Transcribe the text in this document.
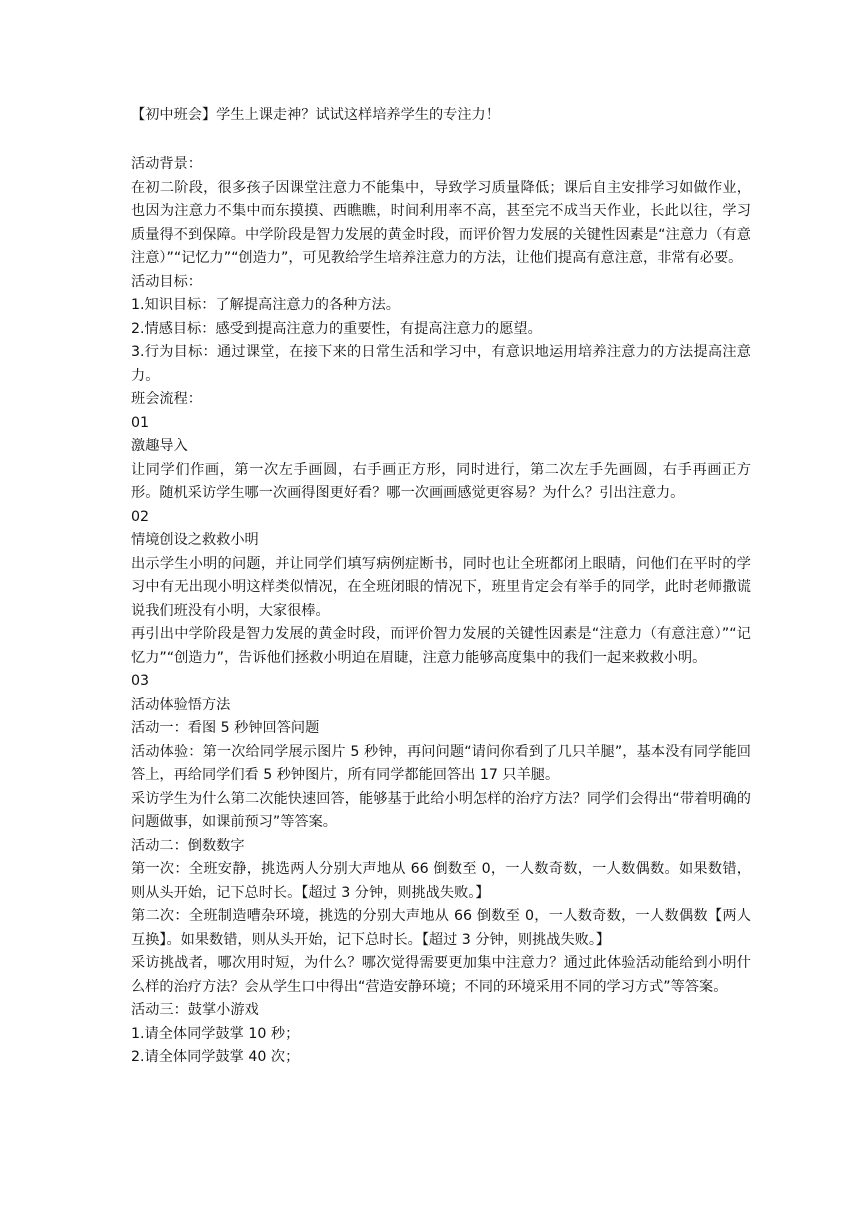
【初中班会】学生上课走神？试试这样培养学生的专注力！
活动背景：
在初二阶段，很多孩子因课堂注意力不能集中，导致学习质量降低；课后自主安排学习如做作业，也因为注意力不集中而东摸摸、西瞧瞧，时间利用率不高，甚至完不成当天作业，长此以往，学习质量得不到保障。中学阶段是智力发展的黄金时段，而评价智力发展的关键性因素是“注意力（有意注意）”“记忆力”“创造力”，可见教给学生培养注意力的方法，让他们提高有意注意，非常有必要。
活动目标：
1.知识目标：了解提高注意力的各种方法。
2.情感目标：感受到提高注意力的重要性，有提高注意力的愿望。
3.行为目标：通过课堂，在接下来的日常生活和学习中，有意识地运用培养注意力的方法提高注意力。
班会流程：
01
激趣导入
让同学们作画，第一次左手画圆，右手画正方形，同时进行，第二次左手先画圆，右手再画正方形。随机采访学生哪一次画得图更好看？哪一次画画感觉更容易？为什么？引出注意力。
02
情境创设之救救小明
出示学生小明的问题，并让同学们填写病例症断书，同时也让全班都闭上眼睛，问他们在平时的学习中有无出现小明这样类似情况，在全班闭眼的情况下，班里肯定会有举手的同学，此时老师撒谎说我们班没有小明，大家很棒。
再引出中学阶段是智力发展的黄金时段，而评价智力发展的关键性因素是“注意力（有意注意）”“记忆力”“创造力”，告诉他们拯救小明迫在眉睫，注意力能够高度集中的我们一起来救救小明。
03
活动体验悟方法
活动一：看图 5 秒钟回答问题
活动体验：第一次给同学展示图片 5 秒钟，再问问题“请问你看到了几只羊腿”，基本没有同学能回答上，再给同学们看 5 秒钟图片，所有同学都能回答出 17 只羊腿。
采访学生为什么第二次能快速回答，能够基于此给小明怎样的治疗方法？同学们会得出“带着明确的问题做事，如课前预习”等答案。
活动二：倒数数字
第一次：全班安静，挑选两人分别大声地从 66 倒数至 0，一人数奇数，一人数偶数。如果数错，则从头开始，记下总时长。【超过 3 分钟，则挑战失败。】
第二次：全班制造嘈杂环境，挑选的分别大声地从 66 倒数至 0，一人数奇数，一人数偶数【两人互换】。如果数错，则从头开始，记下总时长。【超过 3 分钟，则挑战失败。】
采访挑战者，哪次用时短，为什么？哪次觉得需要更加集中注意力？通过此体验活动能给到小明什么样的治疗方法？会从学生口中得出“营造安静环境；不同的环境采用不同的学习方式”等答案。
活动三：鼓掌小游戏
1.请全体同学鼓掌 10 秒；
2.请全体同学鼓掌 40 次；
